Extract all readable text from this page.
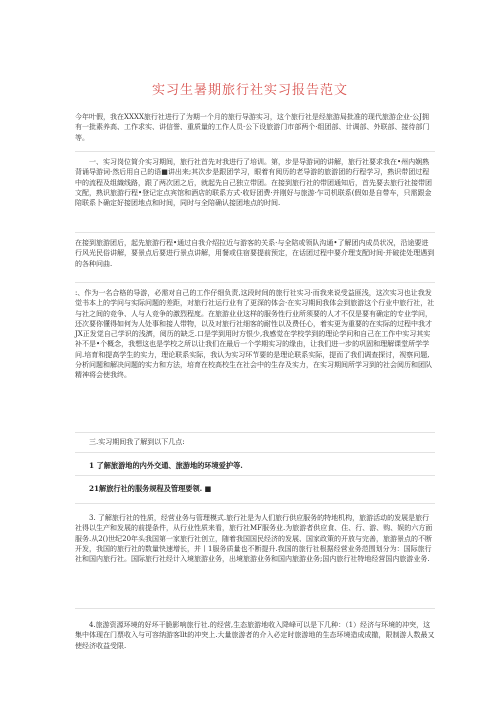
实习生暑期旅行社实习报告范文

今年叶假，我在XXXX旅行社进行了为期一个月的旅行导游实习，这个旅行社是经旅游局批准的现代旅游企业·公J拥有一批素养高、工作求实、讲信誉、重质量的工作人员·公下设旅游门市部两个·组团部、计调部、外联部、接待部门等。

一、实习岗位简介实习期间，旅行社首先对我进行了培训。第，步是导游词的讲解，旅行社要求我在•州内娴熟背诵导游词·然后用自己的语■讲出来;其次步是跟团学习，眼着有阅历的老导游的旅游团的行程学习，熟识带团过程中的流程及组織线路，跟了两次团之后，就起先自己独立带团。在接到旅行社的带团通知后，首先要去旅行社接带团文配，熟识旅游行程•登记定点宾馆和酒店的联系方式·收好团费·并刚好与旅游·乍司机联系(假如是自带车，只需跟金陪联系卜确定好接团地点和时间，同时与全陪确认接团地点的时间.

在接到旅游团后，起先旅游行程•通过自我介绍拉近与游客的关系·与全陪或领队沟通•了解团内成员状况，沿途要进行风光民俗讲解，要景点后要进行景点讲解，用餐或住宿要提前预定，在话团过程中要介理支配时间·并破徒处理遇到的各种问曲.

:、作为一名合格的导游，必需对自己的工作仔细负责,这段时间的旅行社实习·而我来说受益匪浅，这次实习也让我发觉书本上的学问与实际问题的差距，对旅行社运行业有了更深的体会·在实习期间我体会到旅游这个行业中旅行社，社与社之间的竞争、人与人竞争的激烈程度。在旅游业业这样的服务性行业所须要的人才不仅是要有确定的专业学问，还次要你懂得如何为人处事和接人带物，以及对旅行社细客的耐性以及费任心，着实更为重要的在实际的过程中我才JX正发觉自己学识的浅濟，阅历的缺乏.口是学到用时方恨少,我感觉在学校学到的理论学问和自己在工作中实习其实补不是•个概念，我想这也是学校之所以让我们在最后一个学期实习的缘由，让我们进一步的巩固和理解课堂所学学问.培育和提高学生的实力，理论联系实际，我认为实习环节要的是理论联系实际，提而了我们调查探讨，视察问题,分析问题和解决问题的实力和方法，培育在校高校生在社会中的生存及实力，在实习期间所学习到的社会阅历和团队精神将会使我终。

三.实习期间我了解到以下几点:

1 了解旅游地的内外交通、旅游地的环境爱护等.

21解旅行社的服务规程及管理要领. ■

3. 了解旅行社的性质，经营业务与管理模式.旅行社是为人们旅行供应服务的特地机构，旅游活动的发展是旅行社得以生产和发展的前提条件，从行业性质来看，旅行社MF服务业.为旅游者供应食、住、行、游、购、娱的六方面服务.从2()世纪20年头我国第一家旅行社创立，随着我国国民经济的发展、国家政策的开放与完善，旅游景点的不断开发，我国的旅行社的数量快速增长，并丨1服务质量也不断提升.我国的旅行社根据经营业务范围划分为：国际旅行社和国内旅行社。国际旅行社经计入境旅游业务，出境旅游业务和国内旅游业务;国内旅行社特地经营国内旅游业务.

4.旅游资源环境的好坏干脆影响旅行社.的经营,生态旅游地收入降峰可以是下几种：（1）经济与环境的冲突，这集中体现在门票收入与可容纳游客llt的冲突上.大量旅游者的介入必定时旅游地的生态环境造成成撤，限制游人数最又使经济收益受限.
